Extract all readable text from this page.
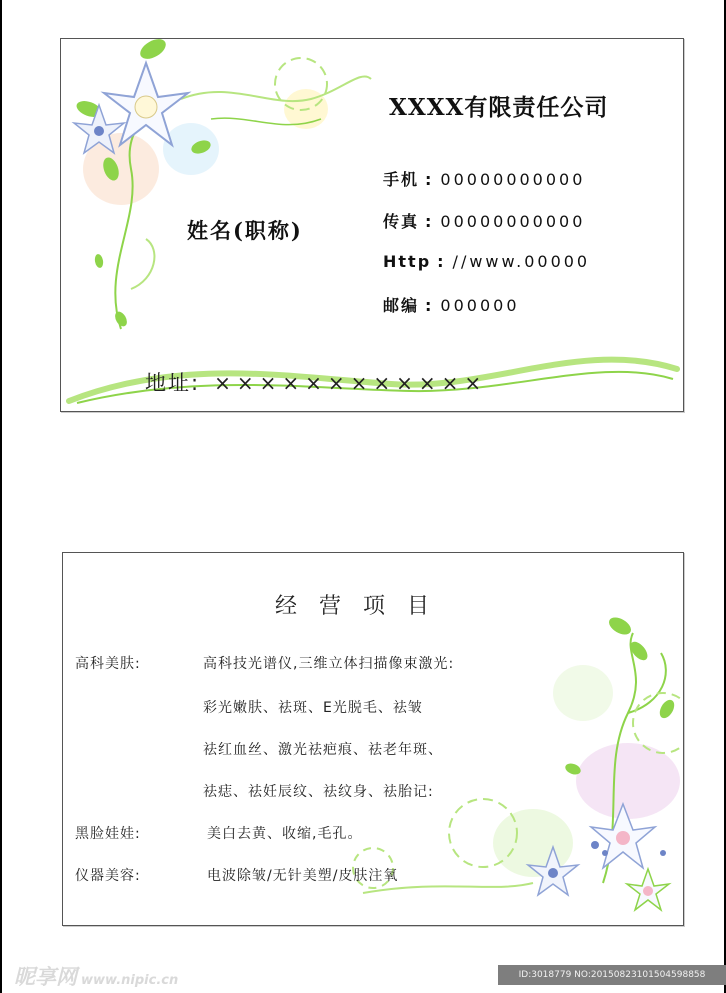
XXXX有限责任公司
姓名(职称)
手机 : 00000000000
传真 : 00000000000
Http : //www.00000
邮编 : 000000
地址: ××××××××××××
经营项目
高科美肤:	高科技光谱仪,三维立体扫描像束激光:
彩光嫩肤、祛斑、E光脱毛、祛皱
祛红血丝、激光祛疤痕、祛老年斑、
祛痣、祛妊辰纹、祛纹身、祛胎记:
黑脸娃娃:	美白去黄、收缩,毛孔。
仪器美容:	电波除皱/无针美塑/皮肤注氧
昵享网 www.nipic.cn	ID:3018779 NO:20150823101504598858
